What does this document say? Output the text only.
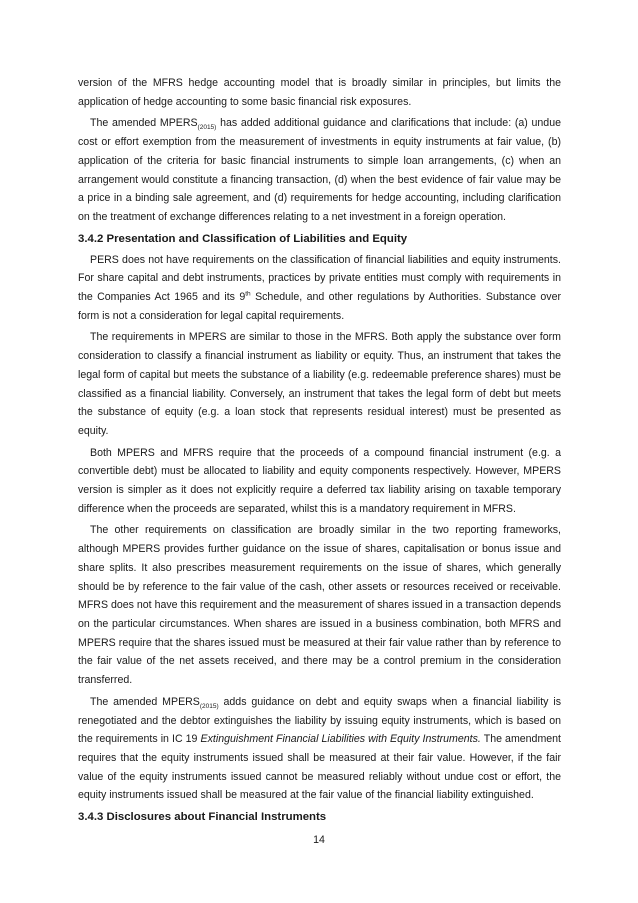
version of the MFRS hedge accounting model that is broadly similar in principles, but limits the application of hedge accounting to some basic financial risk exposures.

The amended $MPERS_{(2015)}$ has added additional guidance and clarifications that include: (a) undue cost or effort exemption from the measurement of investments in equity instruments at fair value, (b) application of the criteria for basic financial instruments to simple loan arrangements, (c) when an arrangement would constitute a financing transaction, (d) when the best evidence of fair value may be a price in a binding sale agreement, and (d) requirements for hedge accounting, including clarification on the treatment of exchange differences relating to a net investment in a foreign operation.

3.4.2 Presentation and Classification of Liabilities and Equity

PERS does not have requirements on the classification of financial liabilities and equity instruments. For share capital and debt instruments, practices by private entities must comply with requirements in the Companies Act 1965 and its 9th Schedule, and other regulations by Authorities. Substance over form is not a consideration for legal capital requirements.

The requirements in MPERS are similar to those in the MFRS. Both apply the substance over form consideration to classify a financial instrument as liability or equity. Thus, an instrument that takes the legal form of capital but meets the substance of a liability (e.g. redeemable preference shares) must be classified as a financial liability. Conversely, an instrument that takes the legal form of debt but meets the substance of equity (e.g. a loan stock that represents residual interest) must be presented as equity.

Both MPERS and MFRS require that the proceeds of a compound financial instrument (e.g. a convertible debt) must be allocated to liability and equity components respectively. However, MPERS version is simpler as it does not explicitly require a deferred tax liability arising on taxable temporary difference when the proceeds are separated, whilst this is a mandatory requirement in MFRS.

The other requirements on classification are broadly similar in the two reporting frameworks, although MPERS provides further guidance on the issue of shares, capitalisation or bonus issue and share splits. It also prescribes measurement requirements on the issue of shares, which generally should be by reference to the fair value of the cash, other assets or resources received or receivable. MFRS does not have this requirement and the measurement of shares issued in a transaction depends on the particular circumstances. When shares are issued in a business combination, both MFRS and MPERS require that the shares issued must be measured at their fair value rather than by reference to the fair value of the net assets received, and there may be a control premium in the consideration transferred.

The amended $MPERS_{(2015)}$ adds guidance on debt and equity swaps when a financial liability is renegotiated and the debtor extinguishes the liability by issuing equity instruments, which is based on the requirements in IC 19 Extinguishment Financial Liabilities with Equity Instruments. The amendment requires that the equity instruments issued shall be measured at their fair value. However, if the fair value of the equity instruments issued cannot be measured reliably without undue cost or effort, the equity instruments issued shall be measured at the fair value of the financial liability extinguished.

3.4.3 Disclosures about Financial Instruments
14
